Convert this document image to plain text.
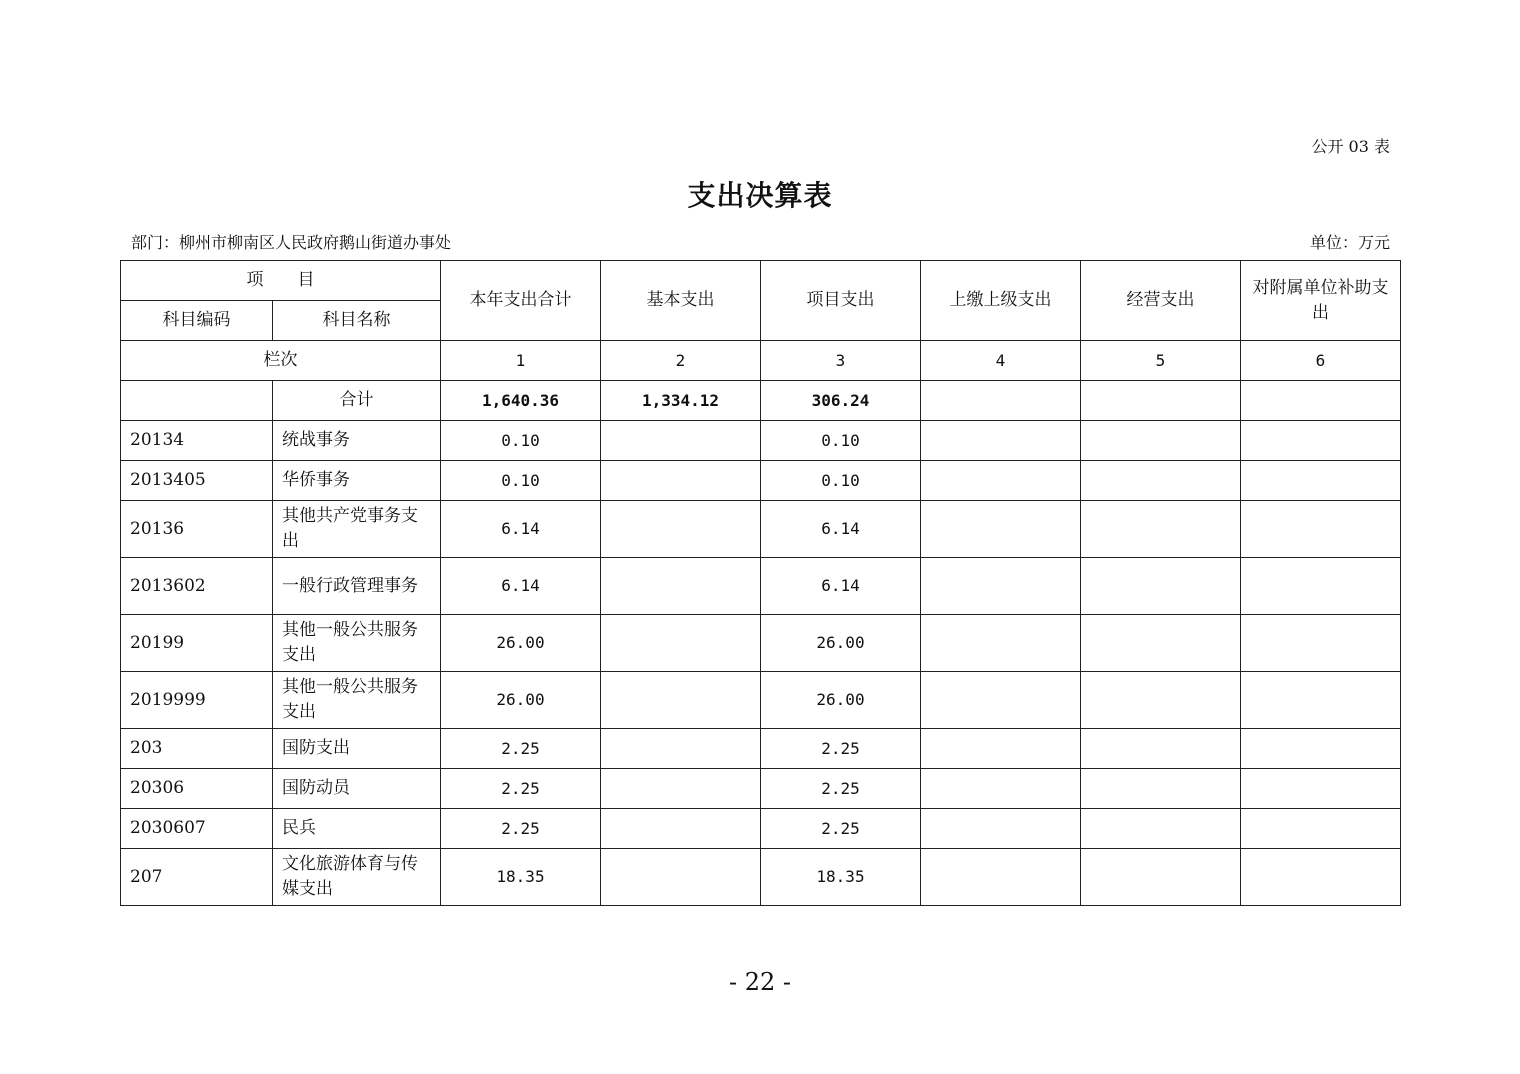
公开 03 表
支出决算表
部门：柳州市柳南区人民政府鹅山街道办事处	单位：万元
项　　目		本年支出合计	基本支出	项目支出	上缴上级支出	经营支出	对附属单位补助支出
科目编码	科目名称						
栏次		1	2	3	4	5	6
	合计	1,640.36	1,334.12	306.24			
20134	统战事务	0.10		0.10			
2013405	华侨事务	0.10		0.10			
20136	其他共产党事务支出	6.14		6.14			
2013602	一般行政管理事务	6.14		6.14			
20199	其他一般公共服务支出	26.00		26.00			
2019999	其他一般公共服务支出	26.00		26.00			
203	国防支出	2.25		2.25			
20306	国防动员	2.25		2.25			
2030607	民兵	2.25		2.25			
207	文化旅游体育与传媒支出	18.35		18.35			
- 22 -
